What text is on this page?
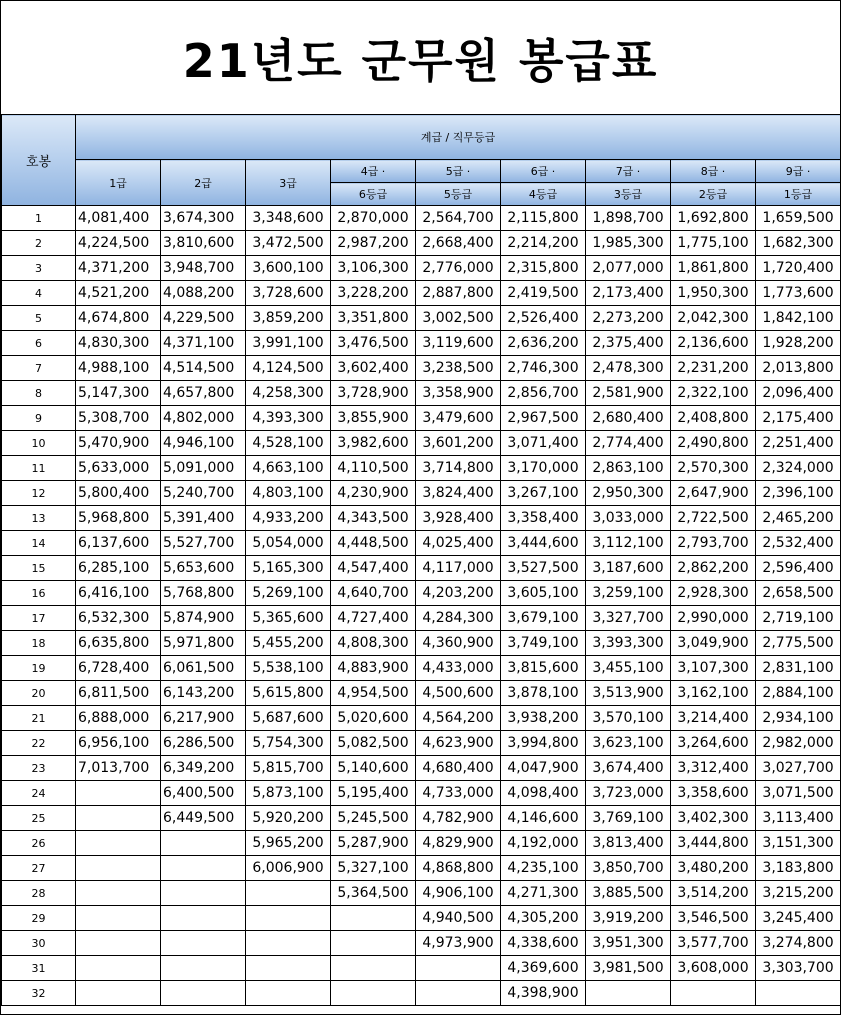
21년도 군무원 봉급표
호봉	계급 / 직무등급								
	1급	2급	3급	4급 ·	5급 ·	6급 ·	7급 ·	8급 ·	9급 ·
				6등급	5등급	4등급	3등급	2등급	1등급
1	4,081,400	3,674,300	3,348,600	2,870,000	2,564,700	2,115,800	1,898,700	1,692,800	1,659,500
2	4,224,500	3,810,600	3,472,500	2,987,200	2,668,400	2,214,200	1,985,300	1,775,100	1,682,300
3	4,371,200	3,948,700	3,600,100	3,106,300	2,776,000	2,315,800	2,077,000	1,861,800	1,720,400
4	4,521,200	4,088,200	3,728,600	3,228,200	2,887,800	2,419,500	2,173,400	1,950,300	1,773,600
5	4,674,800	4,229,500	3,859,200	3,351,800	3,002,500	2,526,400	2,273,200	2,042,300	1,842,100
6	4,830,300	4,371,100	3,991,100	3,476,500	3,119,600	2,636,200	2,375,400	2,136,600	1,928,200
7	4,988,100	4,514,500	4,124,500	3,602,400	3,238,500	2,746,300	2,478,300	2,231,200	2,013,800
8	5,147,300	4,657,800	4,258,300	3,728,900	3,358,900	2,856,700	2,581,900	2,322,100	2,096,400
9	5,308,700	4,802,000	4,393,300	3,855,900	3,479,600	2,967,500	2,680,400	2,408,800	2,175,400
10	5,470,900	4,946,100	4,528,100	3,982,600	3,601,200	3,071,400	2,774,400	2,490,800	2,251,400
11	5,633,000	5,091,000	4,663,100	4,110,500	3,714,800	3,170,000	2,863,100	2,570,300	2,324,000
12	5,800,400	5,240,700	4,803,100	4,230,900	3,824,400	3,267,100	2,950,300	2,647,900	2,396,100
13	5,968,800	5,391,400	4,933,200	4,343,500	3,928,400	3,358,400	3,033,000	2,722,500	2,465,200
14	6,137,600	5,527,700	5,054,000	4,448,500	4,025,400	3,444,600	3,112,100	2,793,700	2,532,400
15	6,285,100	5,653,600	5,165,300	4,547,400	4,117,000	3,527,500	3,187,600	2,862,200	2,596,400
16	6,416,100	5,768,800	5,269,100	4,640,700	4,203,200	3,605,100	3,259,100	2,928,300	2,658,500
17	6,532,300	5,874,900	5,365,600	4,727,400	4,284,300	3,679,100	3,327,700	2,990,000	2,719,100
18	6,635,800	5,971,800	5,455,200	4,808,300	4,360,900	3,749,100	3,393,300	3,049,900	2,775,500
19	6,728,400	6,061,500	5,538,100	4,883,900	4,433,000	3,815,600	3,455,100	3,107,300	2,831,100
20	6,811,500	6,143,200	5,615,800	4,954,500	4,500,600	3,878,100	3,513,900	3,162,100	2,884,100
21	6,888,000	6,217,900	5,687,600	5,020,600	4,564,200	3,938,200	3,570,100	3,214,400	2,934,100
22	6,956,100	6,286,500	5,754,300	5,082,500	4,623,900	3,994,800	3,623,100	3,264,600	2,982,000
23	7,013,700	6,349,200	5,815,700	5,140,600	4,680,400	4,047,900	3,674,400	3,312,400	3,027,700
24		6,400,500	5,873,100	5,195,400	4,733,000	4,098,400	3,723,000	3,358,600	3,071,500
25		6,449,500	5,920,200	5,245,500	4,782,900	4,146,600	3,769,100	3,402,300	3,113,400
26			5,965,200	5,287,900	4,829,900	4,192,000	3,813,400	3,444,800	3,151,300
27			6,006,900	5,327,100	4,868,800	4,235,100	3,850,700	3,480,200	3,183,800
28				5,364,500	4,906,100	4,271,300	3,885,500	3,514,200	3,215,200
29					4,940,500	4,305,200	3,919,200	3,546,500	3,245,400
30					4,973,900	4,338,600	3,951,300	3,577,700	3,274,800
31						4,369,600	3,981,500	3,608,000	3,303,700
32						4,398,900			
